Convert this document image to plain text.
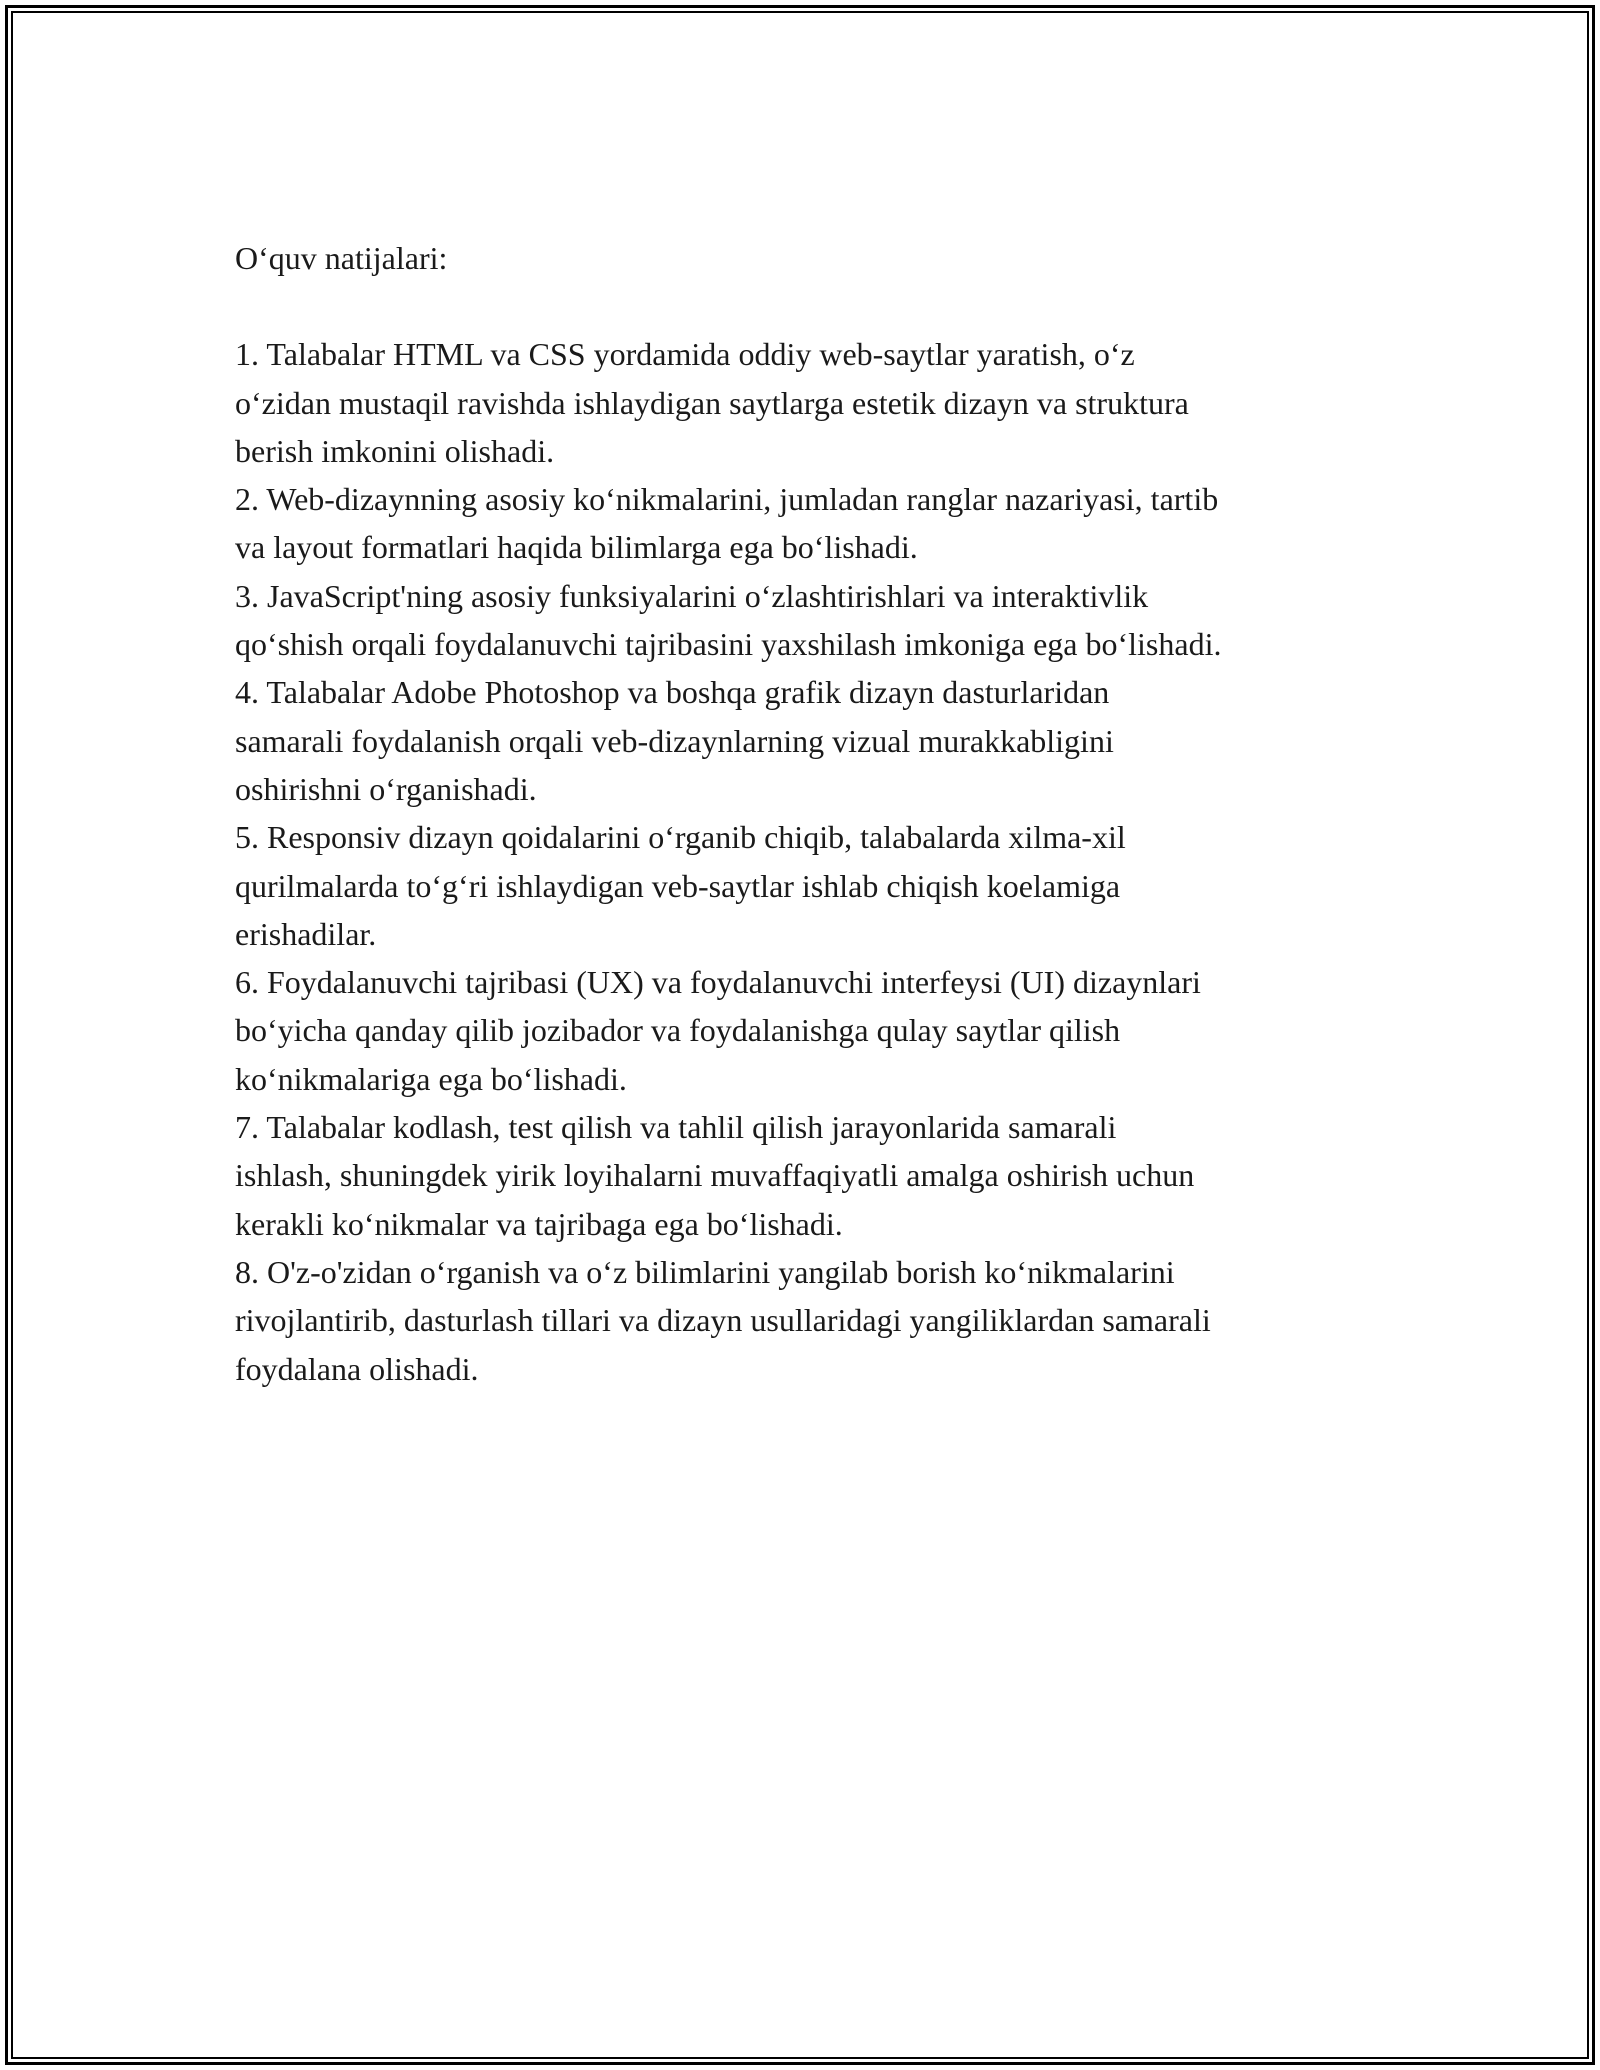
O‘quv natijalari:
1. Talabalar HTML va CSS yordamida oddiy web-saytlar yaratish, o‘z
o‘zidan mustaqil ravishda ishlaydigan saytlarga estetik dizayn va struktura
berish imkonini olishadi.
2. Web-dizaynning asosiy ko‘nikmalarini, jumladan ranglar nazariyasi, tartib
va layout formatlari haqida bilimlarga ega bo‘lishadi.
3. JavaScript'ning asosiy funksiyalarini o‘zlashtirishlari va interaktivlik
qo‘shish orqali foydalanuvchi tajribasini yaxshilash imkoniga ega bo‘lishadi.
4. Talabalar Adobe Photoshop va boshqa grafik dizayn dasturlaridan
samarali foydalanish orqali veb-dizaynlarning vizual murakkabligini
oshirishni o‘rganishadi.
5. Responsiv dizayn qoidalarini o‘rganib chiqib, talabalarda xilma-xil
qurilmalarda to‘g‘ri ishlaydigan veb-saytlar ishlab chiqish koelamiga
erishadilar.
6. Foydalanuvchi tajribasi (UX) va foydalanuvchi interfeysi (UI) dizaynlari
bo‘yicha qanday qilib jozibador va foydalanishga qulay saytlar qilish
ko‘nikmalariga ega bo‘lishadi.
7. Talabalar kodlash, test qilish va tahlil qilish jarayonlarida samarali
ishlash, shuningdek yirik loyihalarni muvaffaqiyatli amalga oshirish uchun
kerakli ko‘nikmalar va tajribaga ega bo‘lishadi.
8. O'z-o'zidan o‘rganish va o‘z bilimlarini yangilab borish ko‘nikmalarini
rivojlantirib, dasturlash tillari va dizayn usullaridagi yangiliklardan samarali
foydalana olishadi.
